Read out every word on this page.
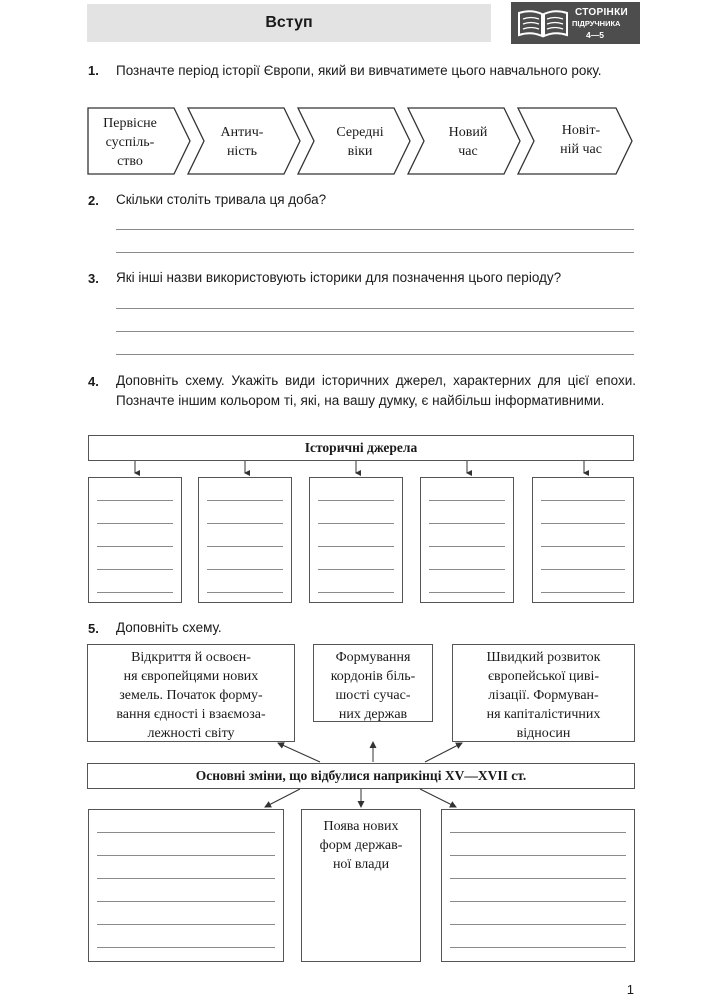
Вступ
СТОРІНКИ
ПІДРУЧНИКА
4—5
1. Позначте період історії Європи, який ви вивчатимете цього навчального року.
Первісне
суспіль-
ство
Антич-
ність
Середні
віки
Новий
час
Новіт-
ній час
2. Скільки століть тривала ця доба?
3. Які інші назви використовують історики для позначення цього періоду?
4. Доповніть схему. Укажіть види історичних джерел, характерних для цієї епохи. Позначте іншим кольором ті, які, на вашу думку, є найбільш інформативними.
Історичні джерела
5. Доповніть схему.
Відкриття й освоєн-
ня європейцями нових
земель. Початок форму-
вання єдності і взаємоза-
лежності світу
Формування
кордонів біль-
шості сучас-
них держав
Швидкий розвиток
європейської циві-
лізації. Формуван-
ня капіталістичних
відносин
Основні зміни, що відбулися наприкінці XV—XVII ст.
Поява нових
форм держав-
ної влади
1
